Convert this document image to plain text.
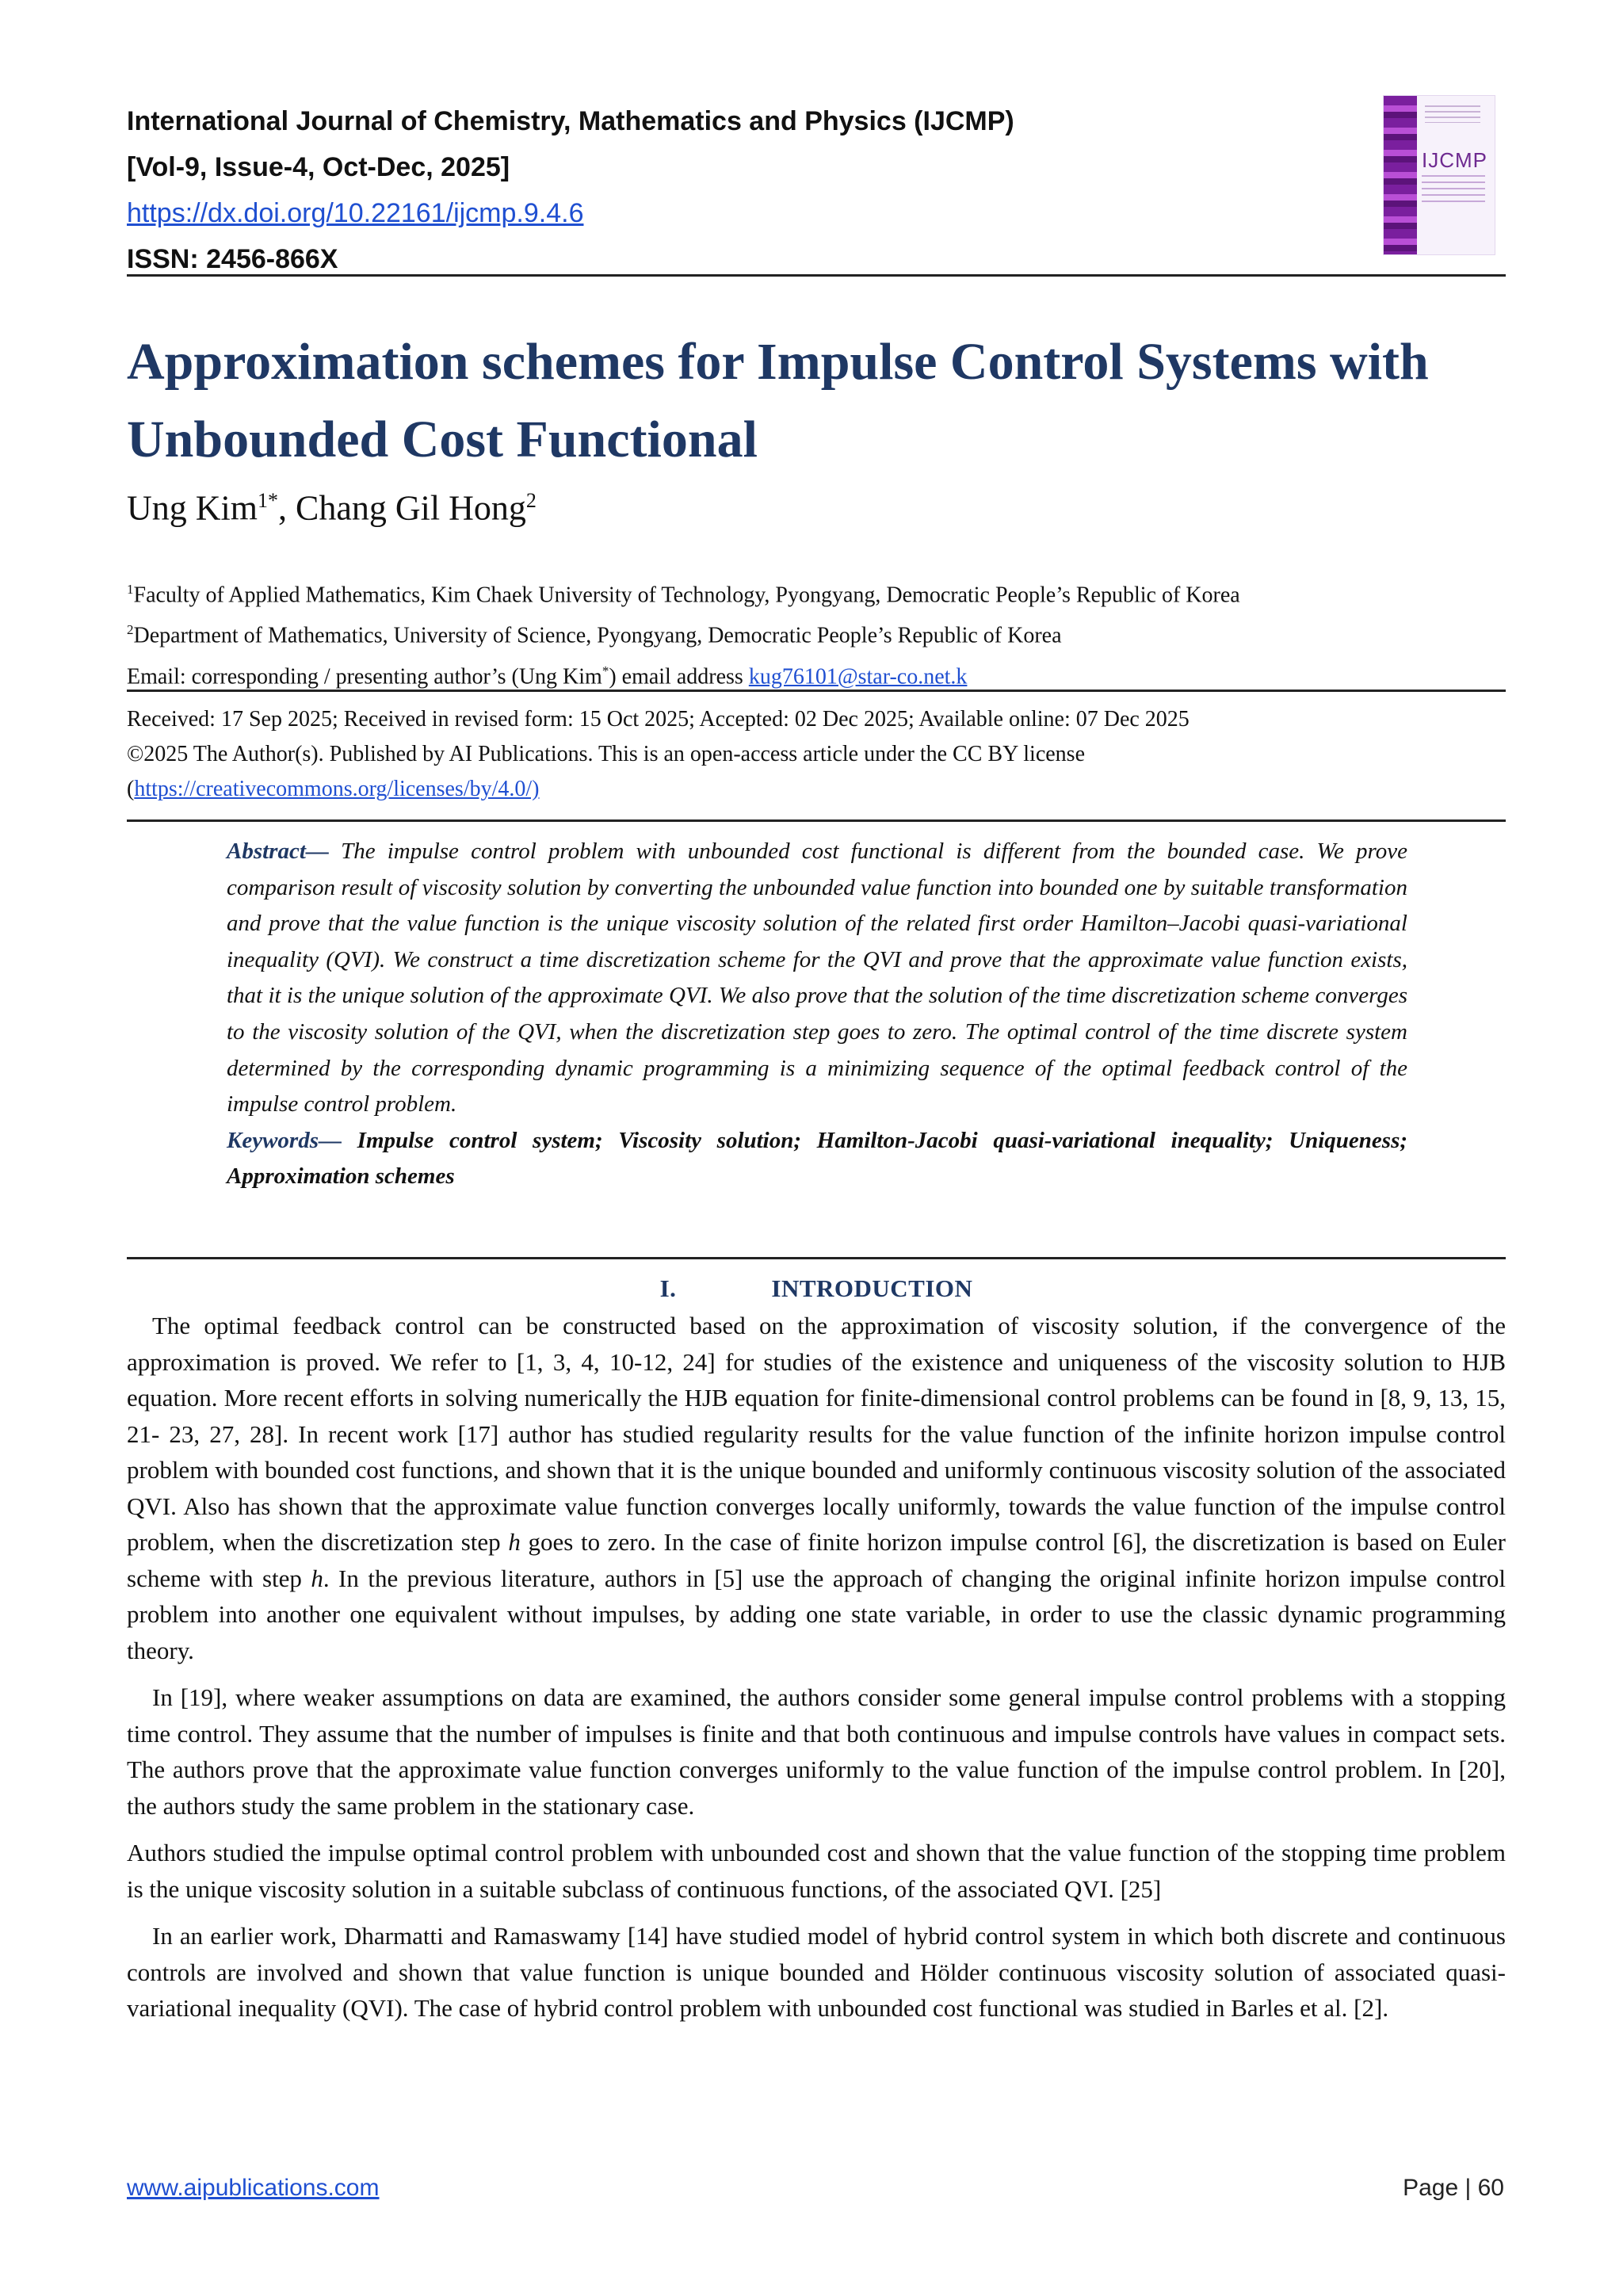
International Journal of Chemistry, Mathematics and Physics (IJCMP)
[Vol-9, Issue-4, Oct-Dec, 2025]
https://dx.doi.org/10.22161/ijcmp.9.4.6
ISSN: 2456-866X
IJCMP
Approximation schemes for Impulse Control Systems with
Unbounded Cost Functional
Ung Kim$^{1*}$, Chang Gil Hong$^2$
$^1$Faculty of Applied Mathematics, Kim Chaek University of Technology, Pyongyang, Democratic People’s Republic of Korea
$^2$Department of Mathematics, University of Science, Pyongyang, Democratic People’s Republic of Korea
Email: corresponding / presenting author’s (Ung Kim*) email address kug76101@star-co.net.k
Received: 17 Sep 2025; Received in revised form: 15 Oct 2025; Accepted: 02 Dec 2025; Available online: 07 Dec 2025
©2025 The Author(s). Published by AI Publications. This is an open-access article under the CC BY license
(https://creativecommons.org/licenses/by/4.0/)
Abstract— The impulse control problem with unbounded cost functional is different from the bounded case. We prove comparison result of viscosity solution by converting the unbounded value function into bounded one by suitable transformation and prove that the value function is the unique viscosity solution of the related first order Hamilton–Jacobi quasi-variational inequality (QVI). We construct a time discretization scheme for the QVI and prove that the approximate value function exists, that it is the unique solution of the approximate QVI. We also prove that the solution of the time discretization scheme converges to the viscosity solution of the QVI, when the discretization step goes to zero. The optimal control of the time discrete system determined by the corresponding dynamic programming is a minimizing sequence of the optimal feedback control of the impulse control problem.
Keywords— Impulse control system; Viscosity solution; Hamilton-Jacobi quasi-variational inequality; Uniqueness; Approximation schemes
I.	INTRODUCTION

The optimal feedback control can be constructed based on the approximation of viscosity solution, if the convergence of the approximation is proved. We refer to [1, 3, 4, 10-12, 24] for studies of the existence and uniqueness of the viscosity solution to HJB equation. More recent efforts in solving numerically the HJB equation for finite-dimensional control problems can be found in [8, 9, 13, 15, 21- 23, 27, 28]. In recent work [17] author has studied regularity results for the value function of the infinite horizon impulse control problem with bounded cost functions, and shown that it is the unique bounded and uniformly continuous viscosity solution of the associated QVI. Also has shown that the approximate value function converges locally uniformly, towards the value function of the impulse control problem, when the discretization step h goes to zero. In the case of finite horizon impulse control [6], the discretization is based on Euler scheme with step h. In the previous literature, authors in [5] use the approach of changing the original infinite horizon impulse control problem into another one equivalent without impulses, by adding one state variable, in order to use the classic dynamic programming theory.

In [19], where weaker assumptions on data are examined, the authors consider some general impulse control problems with a stopping time control. They assume that the number of impulses is finite and that both continuous and impulse controls have values in compact sets. The authors prove that the approximate value function converges uniformly to the value function of the impulse control problem. In [20], the authors study the same problem in the stationary case.

Authors studied the impulse optimal control problem with unbounded cost and shown that the value function of the stopping time problem is the unique viscosity solution in a suitable subclass of continuous functions, of the associated QVI. [25]

In an earlier work, Dharmatti and Ramaswamy [14] have studied model of hybrid control system in which both discrete and continuous controls are involved and shown that value function is unique bounded and Hölder continuous viscosity solution of associated quasi-variational inequality (QVI). The case of hybrid control problem with unbounded cost functional was studied in Barles et al. [2].

www.aipublications.com	Page | 60
